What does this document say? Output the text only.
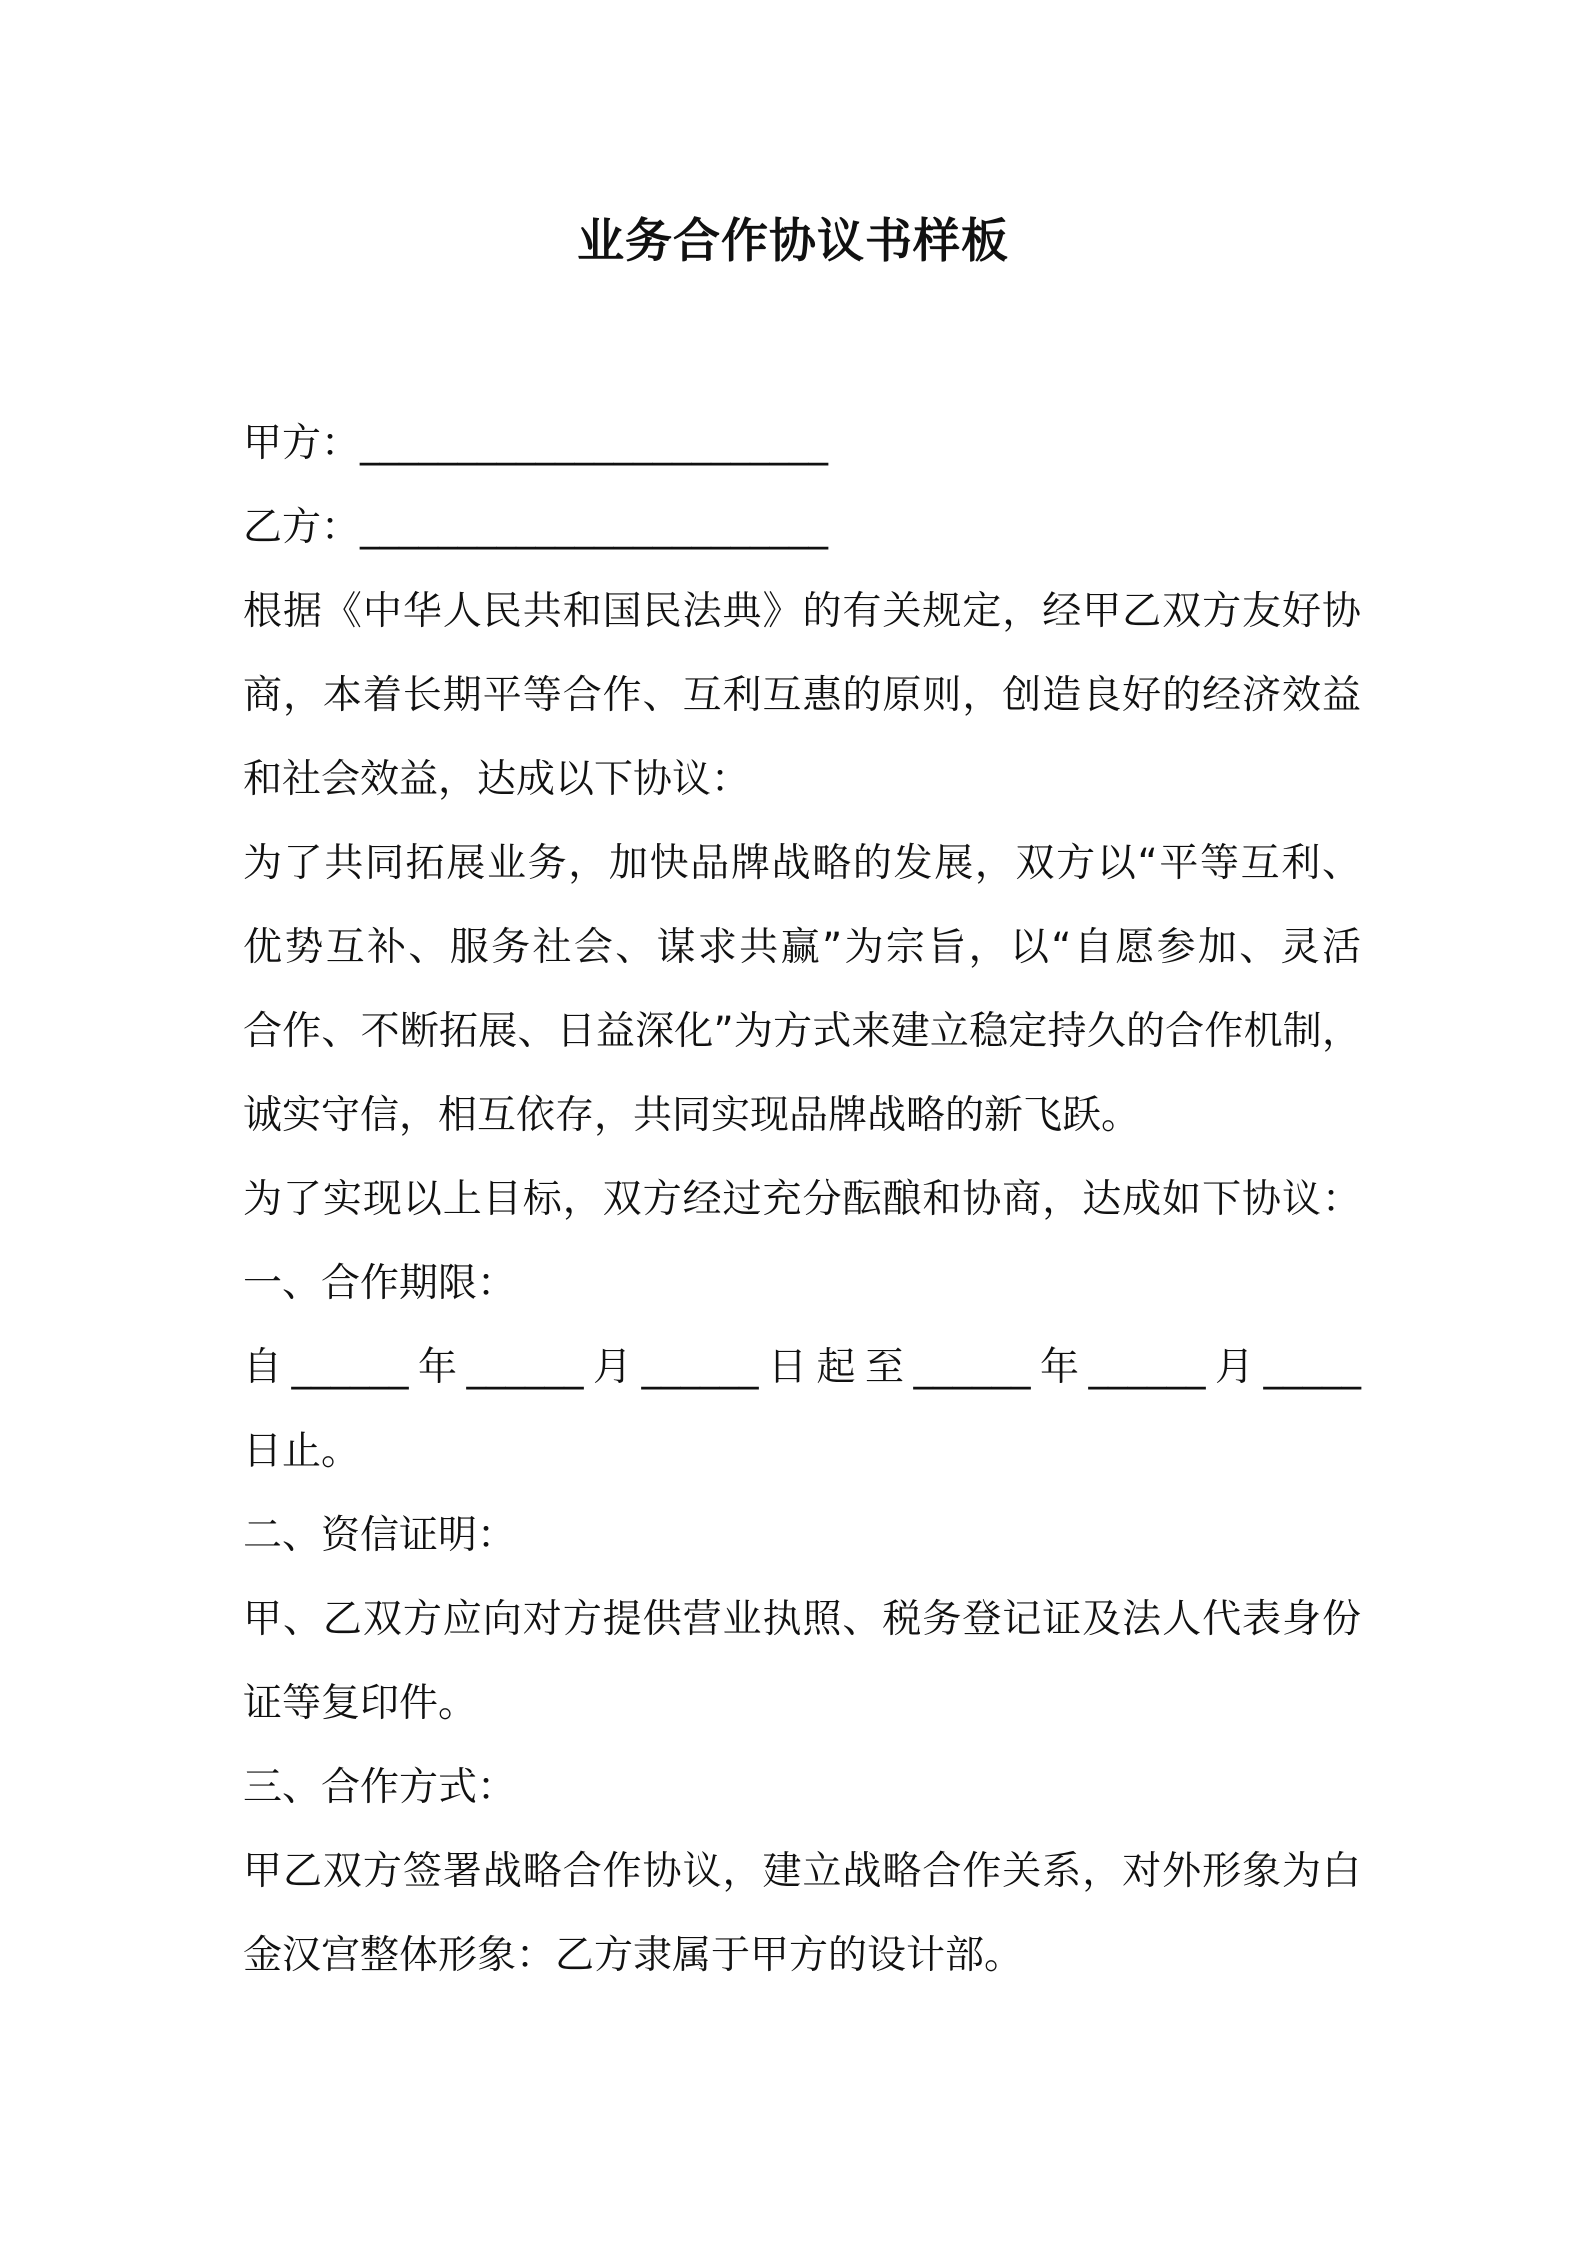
业务合作协议书样板
甲方：________________________
乙方：________________________
根据《中华人民共和国民法典》的有关规定，经甲乙双方友好协
商，本着长期平等合作、互利互惠的原则，创造良好的经济效益
和社会效益，达成以下协议：
为了共同拓展业务，加快品牌战略的发展，双方以“平等互利、
优势互补、服务社会、谋求共赢”为宗旨，以“自愿参加、灵活
合作、不断拓展、日益深化”为方式来建立稳定持久的合作机制，
诚实守信，相互依存，共同实现品牌战略的新飞跃。
为了实现以上目标，双方经过充分酝酿和协商，达成如下协议：
一、合作期限：
自______年______月______日起至______年______月_____
日止。
二、资信证明：
甲、乙双方应向对方提供营业执照、税务登记证及法人代表身份
证等复印件。
三、合作方式：
甲乙双方签署战略合作协议，建立战略合作关系，对外形象为白
金汉宫整体形象：乙方隶属于甲方的设计部。
